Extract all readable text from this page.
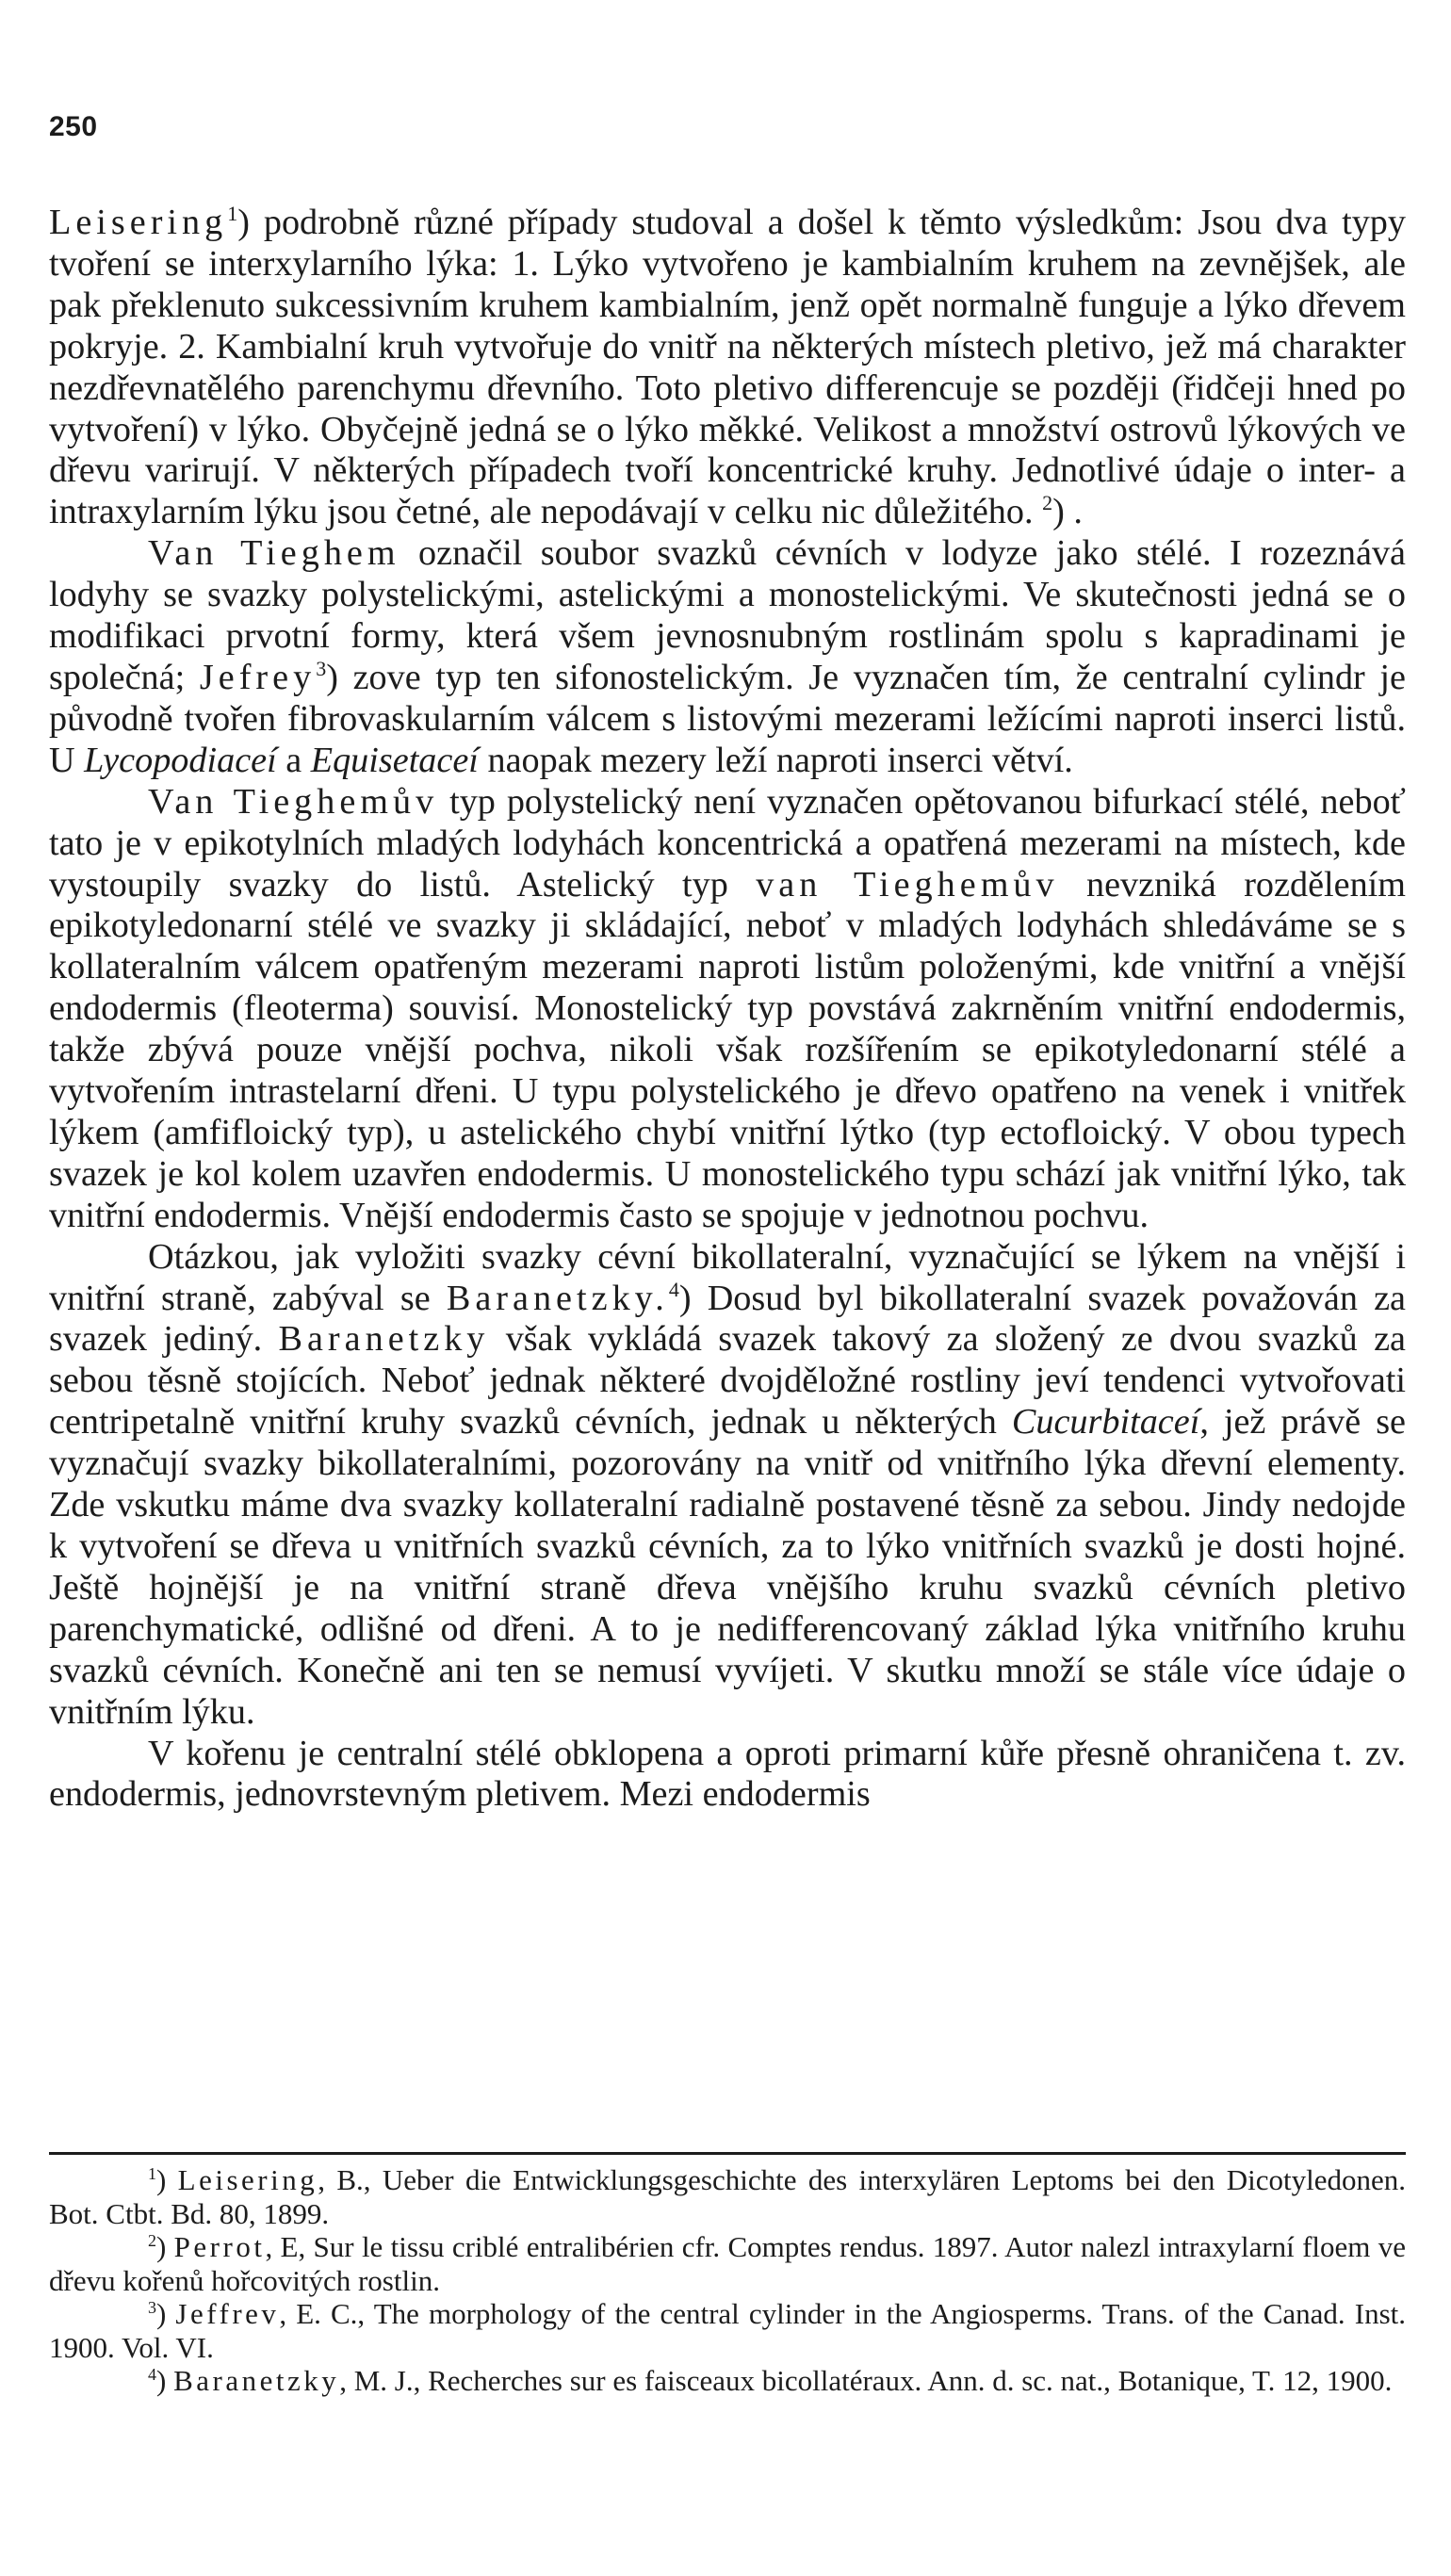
250

Leisering$^1$) podrobně různé případy studoval a došel k těmto výsledkům: Jsou dva typy tvoření se interxylarního lýka: 1. Lýko vytvořeno je kambialním kruhem na zevnějšek, ale pak překlenuto sukcessivním kruhem kambialním, jenž opět normalně funguje a lýko dřevem pokryje. 2. Kambialní kruh vytvořuje do vnitř na některých místech pletivo, jež má charakter nezdřevnatělého parenchymu dřevního. Toto pletivo differencuje se později (řidčeji hned po vytvoření) v lýko. Obyčejně jedná se o lýko měkké. Velikost a množství ostrovů lýkových ve dřevu varirují. V některých případech tvoří koncentrické kruhy. Jednotlivé údaje o inter- a intraxylarním lýku jsou četné, ale nepodávají v celku nic důležitého. $^2$) .

Van Tieghem označil soubor svazků cévních v lodyze jako stélé. I rozeznává lodyhy se svazky polystelickými, astelickými a monostelickými. Ve skutečnosti jedná se o modifikaci prvotní formy, která všem jevnosnubným rostlinám spolu s kapradinami je společná; Jefrey$^3$) zove typ ten sifonostelickým. Je vyznačen tím, že centralní cylindr je původně tvořen fibrovaskularním válcem s listovými mezerami ležícími naproti inserci listů. U Lycopodiaceí a Equisetaceí naopak mezery leží naproti inserci větví.

Van Tieghemův typ polystelický není vyznačen opětovanou bifurkací stélé, neboť tato je v epikotylních mladých lodyhách koncentrická a opatřená mezerami na místech, kde vystoupily svazky do listů. Astelický typ van Tieghemův nevzniká rozdělením epikotyledonarní stélé ve svazky ji skládající, neboť v mladých lodyhách shledáváme se s kollateralním válcem opatřeným mezerami naproti listům položenými, kde vnitřní a vnější endodermis (fleoterma) souvisí. Monostelický typ povstává zakrněním vnitřní endodermis, takže zbývá pouze vnější pochva, nikoli však rozšířením se epikotyledonarní stélé a vytvořením intrastelarní dřeni. U typu polystelického je dřevo opatřeno na venek i vnitřek lýkem (amfifloický typ), u astelického chybí vnitřní lýtko (typ ectofloický. V obou typech svazek je kol kolem uzavřen endodermis. U monostelického typu schází jak vnitřní lýko, tak vnitřní endodermis. Vnější endodermis často se spojuje v jednotnou pochvu.

Otázkou, jak vyložiti svazky cévní bikollateralní, vyznačující se lýkem na vnější i vnitřní straně, zabýval se Baranetzky.$^4$) Dosud byl bikollateralní svazek považován za svazek jediný. Baranetzky však vykládá svazek takový za složený ze dvou svazků za sebou těsně stojících. Neboť jednak některé dvojděložné rostliny jeví tendenci vytvořovati centripetalně vnitřní kruhy svazků cévních, jednak u některých Cucurbitaceí, jež právě se vyznačují svazky bikollateralními, pozorovány na vnitř od vnitřního lýka dřevní elementy. Zde vskutku máme dva svazky kollateralní radialně postavené těsně za sebou. Jindy nedojde k vytvoření se dřeva u vnitřních svazků cévních, za to lýko vnitřních svazků je dosti hojné. Ještě hojnější je na vnitřní straně dřeva vnějšího kruhu svazků cévních pletivo parenchymatické, odlišné od dřeni. A to je nedifferencovaný základ lýka vnitřního kruhu svazků cévních. Konečně ani ten se nemusí vyvíjeti. V skutku množí se stále více údaje o vnitřním lýku.

V kořenu je centralní stélé obklopena a oproti primarní kůře přesně ohraničena t. zv. endodermis, jednovrstevným pletivem. Mezi endodermis

$^1$) Leisering, B., Ueber die Entwicklungsgeschichte des interxylären Leptoms bei den Dicotyledonen. Bot. Ctbt. Bd. 80, 1899.

$^2$) Perrot, E, Sur le tissu criblé entralibérien cfr. Comptes rendus. 1897. Autor nalezl intraxylarní floem ve dřevu kořenů hořcovitých rostlin.

$^3$) Jeffrev, E. C., The morphology of the central cylinder in the Angiosperms. Trans. of the Canad. Inst. 1900. Vol. VI.

$^4$) Baranetzky, M. J., Recherches sur es faisceaux bicollatéraux. Ann. d. sc. nat., Botanique, T. 12, 1900.
